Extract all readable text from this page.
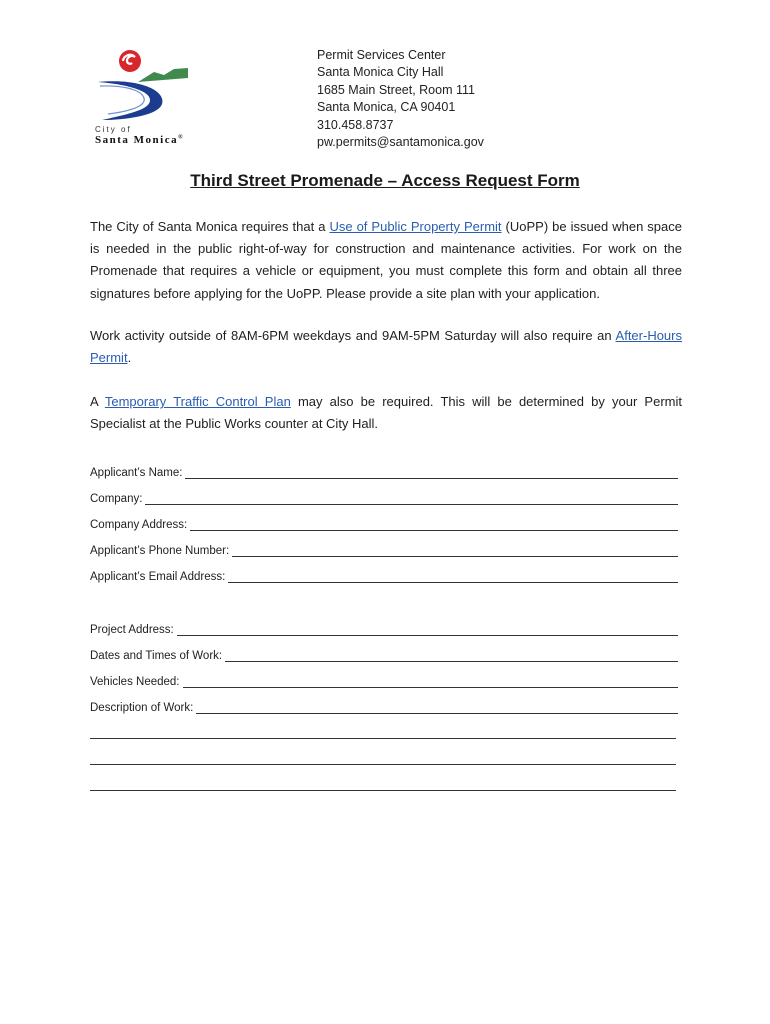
City of
Santa Monica®
Permit Services Center
Santa Monica City Hall
1685 Main Street, Room 111
Santa Monica, CA 90401
310.458.8737
pw.permits@santamonica.gov
Third Street Promenade – Access Request Form
The City of Santa Monica requires that a Use of Public Property Permit (UoPP) be issued when space is needed in the public right-of-way for construction and maintenance activities. For work on the Promenade that requires a vehicle or equipment, you must complete this form and obtain all three signatures before applying for the UoPP. Please provide a site plan with your application.
Work activity outside of 8AM-6PM weekdays and 9AM-5PM Saturday will also require an After-Hours Permit.
A Temporary Traffic Control Plan may also be required. This will be determined by your Permit Specialist at the Public Works counter at City Hall.
Applicant’s Name:
Company:
Company Address:
Applicant’s Phone Number:
Applicant’s Email Address:
Project Address:
Dates and Times of Work:
Vehicles Needed:
Description of Work:
